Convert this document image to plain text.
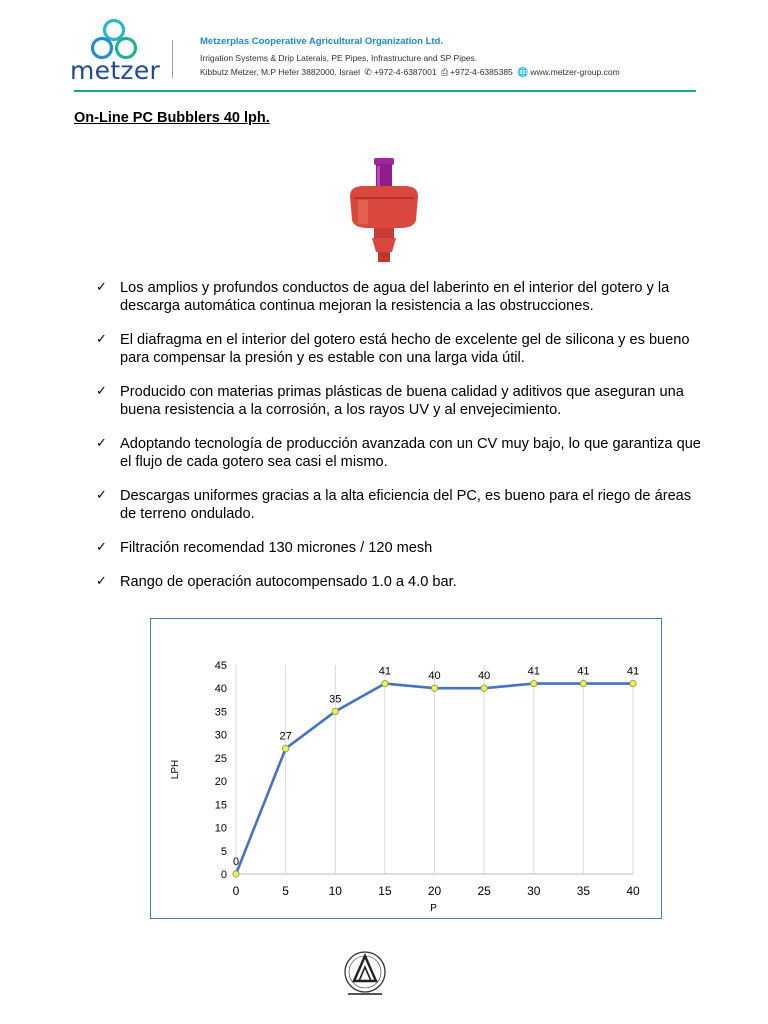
metzer
Metzerplas Cooperative Agricultural Organization Ltd.
Irrigation Systems & Drip Laterals, PE Pipes, Infrastructure and SP Pipes.
Kibbutz Metzer, M.P Hefer 3882000, Israel ✆ +972-4-6387001 ⎙ +972-4-6385385 🌐 www.metzer-group.com
On-Line PC Bubblers 40 lph.
✓ Los amplios y profundos conductos de agua del laberinto en el interior del gotero y la descarga automática continua mejoran la resistencia a las obstrucciones.
✓ El diafragma en el interior del gotero está hecho de excelente gel de silicona y es bueno para compensar la presión y es estable con una larga vida útil.
✓ Producido con materias primas plásticas de buena calidad y aditivos que aseguran una buena resistencia a la corrosión, a los rayos UV y al envejecimiento.
✓ Adoptando tecnología de producción avanzada con un CV muy bajo, lo que garantiza que el flujo de cada gotero sea casi el mismo.
✓ Descargas uniformes gracias a la alta eficiencia del PC, es bueno para el riego de áreas de terreno ondulado.
✓ Filtración recomendad 130 micrones / 120 mesh
✓ Rango de operación autocompensado 1.0 a 4.0 bar.
0
5
10
15
20
25
30
35
40
45
0	5	10	15	20	25	30	35	40
P
LPH
0
27
35
41	40	40	41	41	41
